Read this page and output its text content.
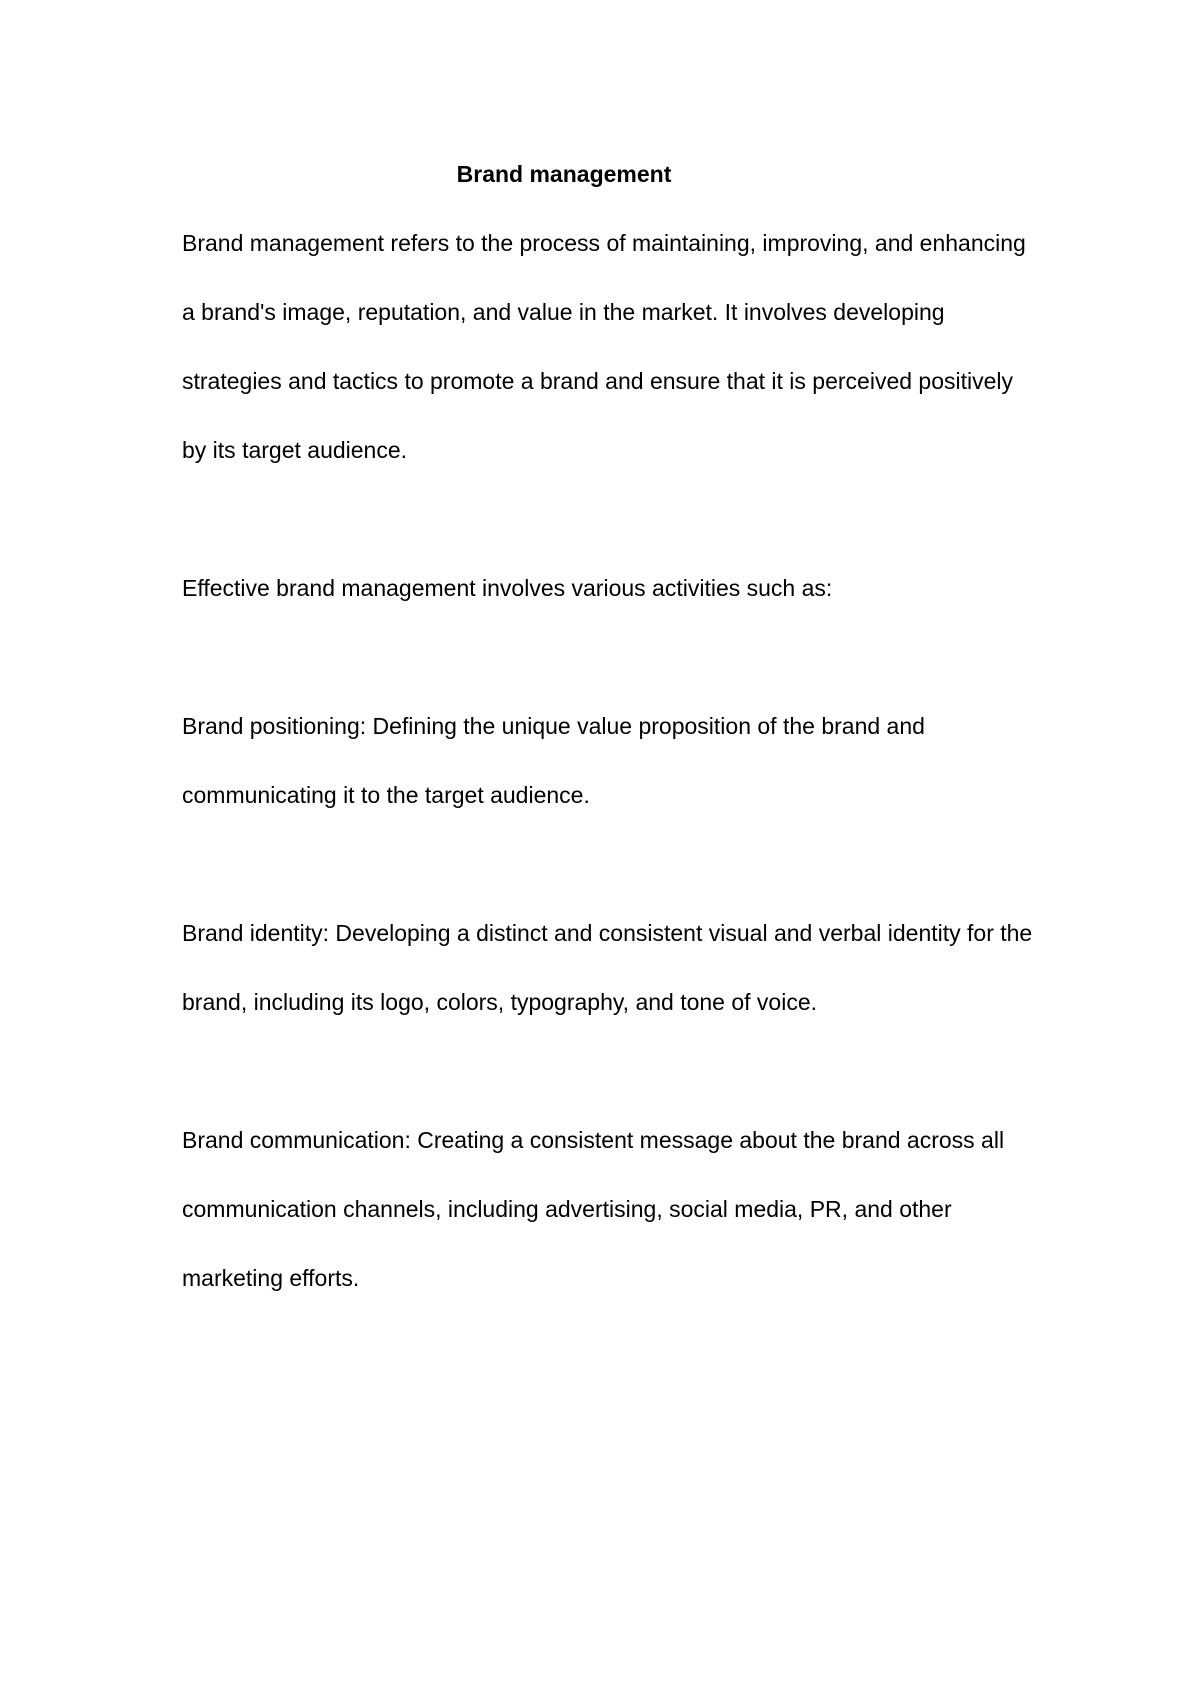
Brand management

Brand management refers to the process of maintaining, improving, and enhancing a brand's image, reputation, and value in the market. It involves developing strategies and tactics to promote a brand and ensure that it is perceived positively by its target audience.

Effective brand management involves various activities such as:

Brand positioning: Defining the unique value proposition of the brand and communicating it to the target audience.

Brand identity: Developing a distinct and consistent visual and verbal identity for the brand, including its logo, colors, typography, and tone of voice.

Brand communication: Creating a consistent message about the brand across all communication channels, including advertising, social media, PR, and other marketing efforts.
